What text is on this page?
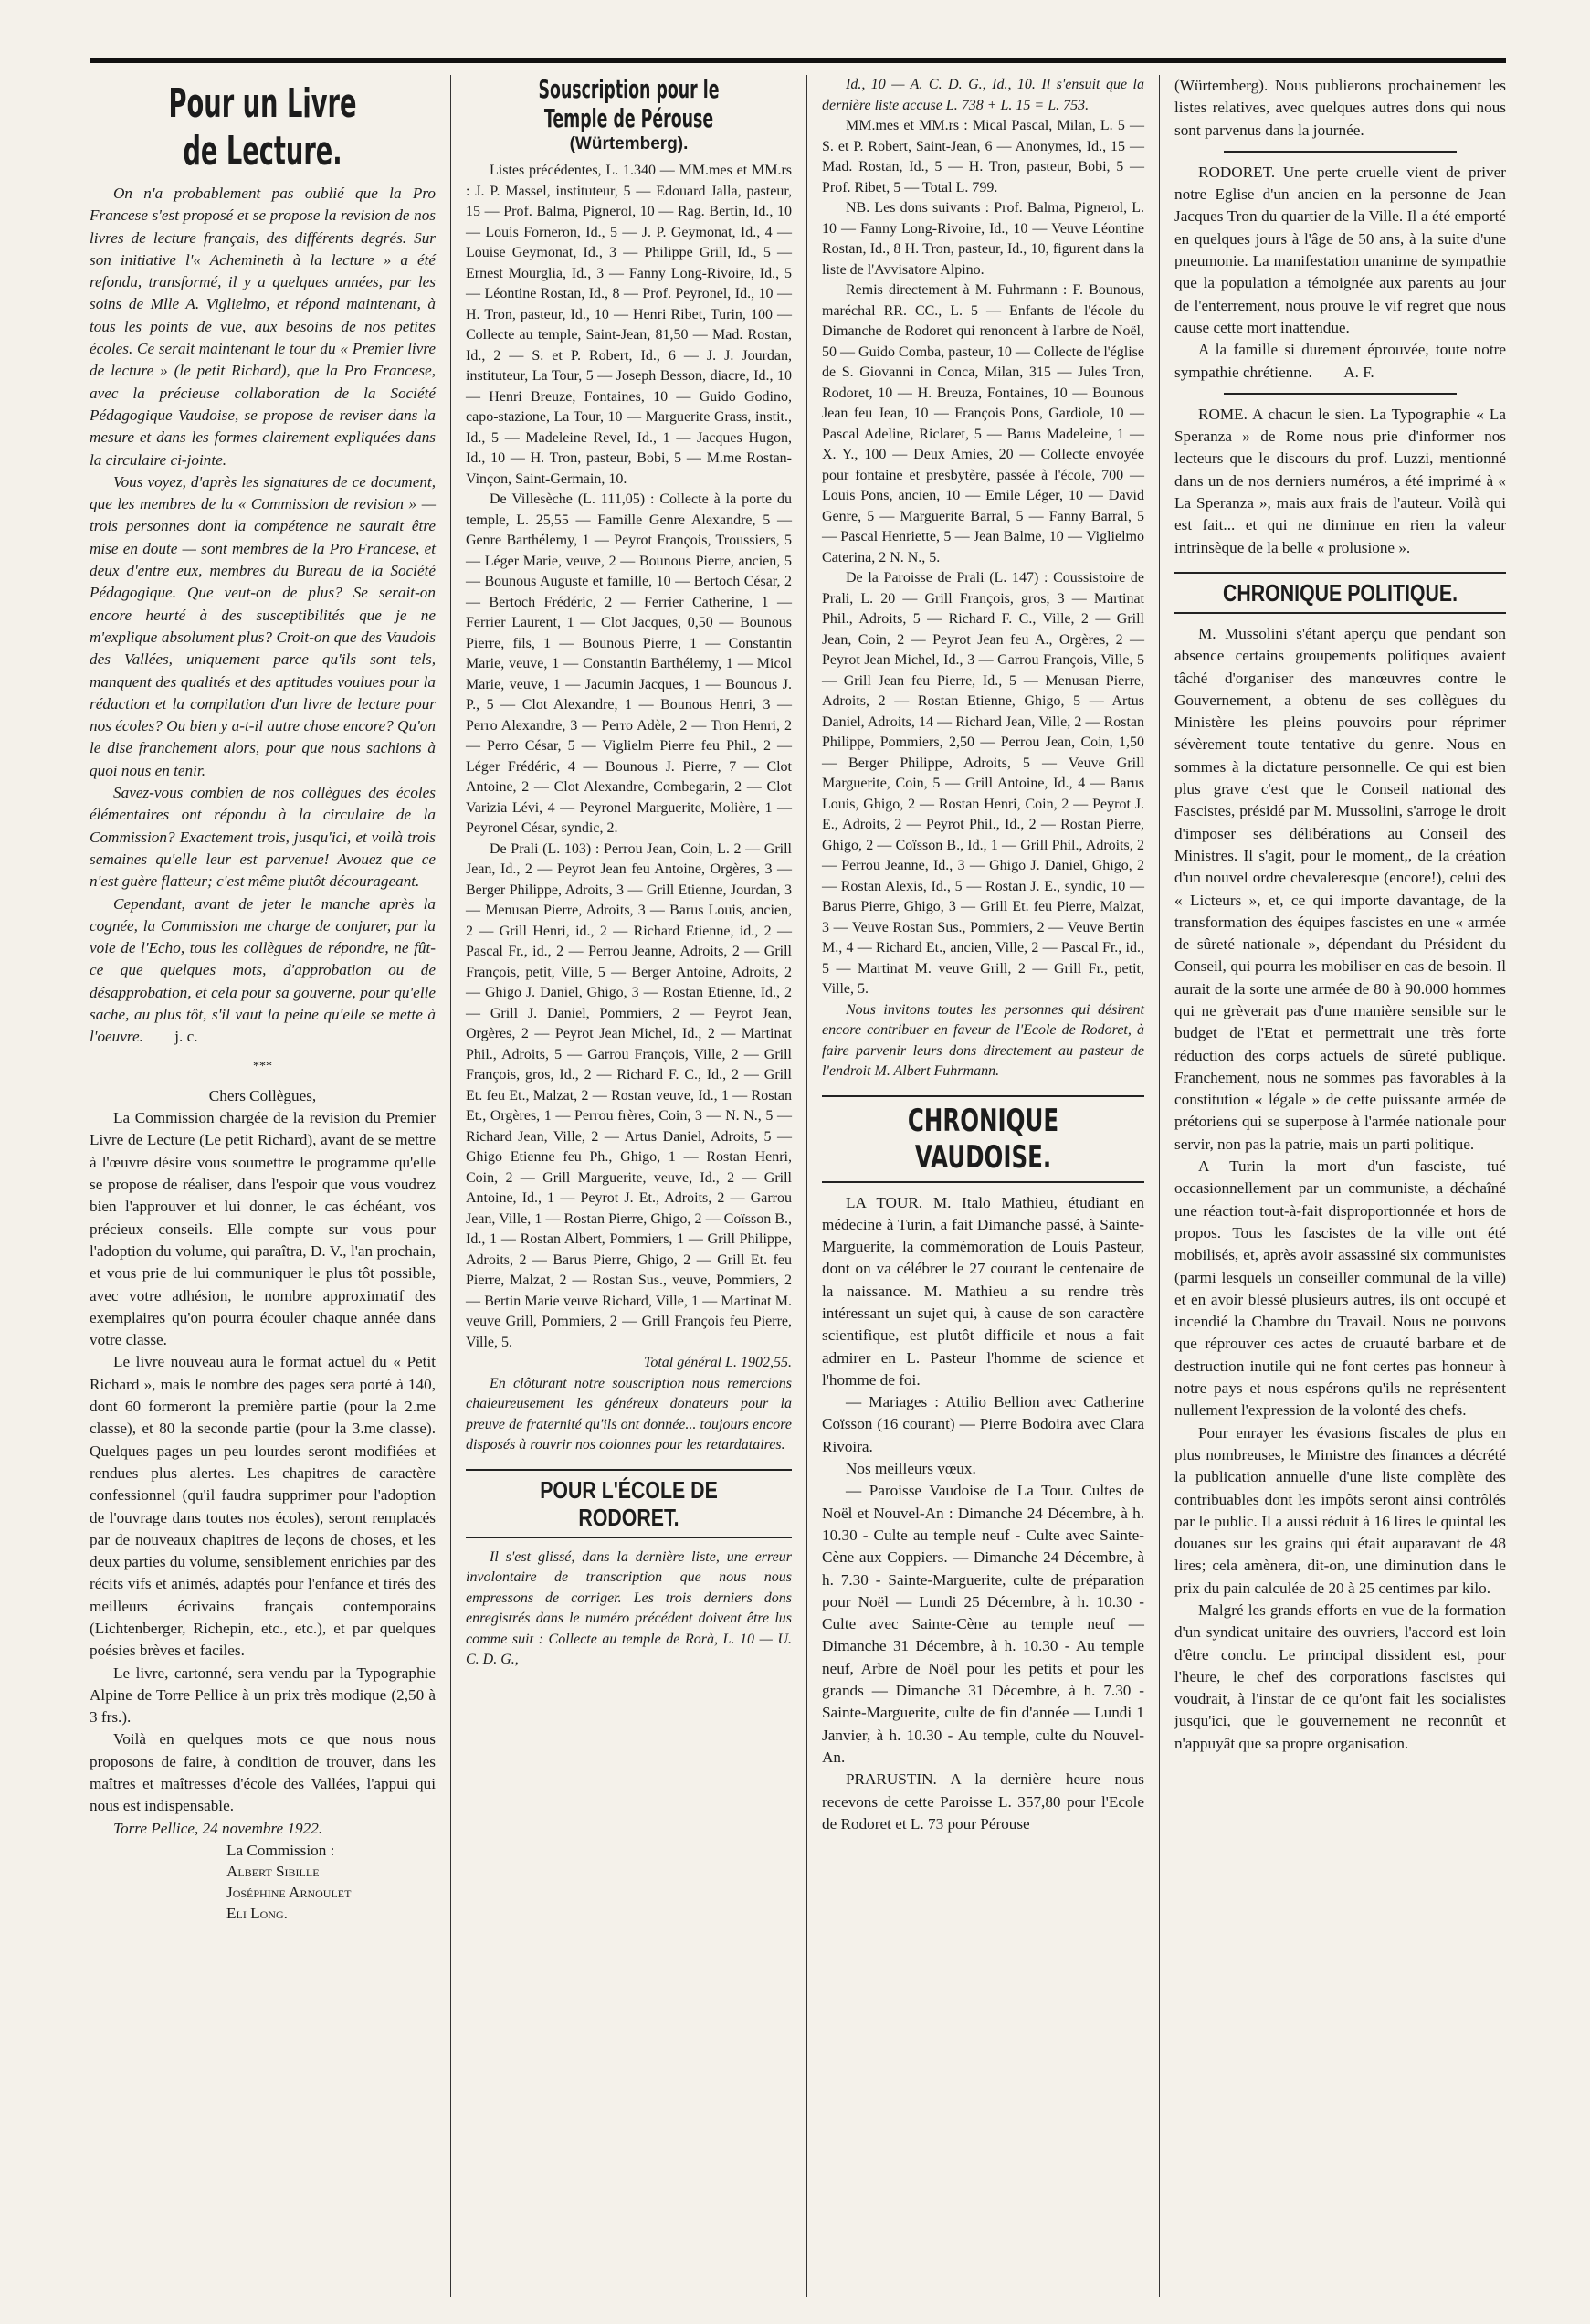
Pour un Livre de Lecture.

On n'a probablement pas oublié que la Pro Francese s'est proposé et se propose la revision de nos livres de lecture français, des différents degrés. Sur son initiative l'« Achemineth à la lecture » a été refondu, transformé, il y a quelques années, par les soins de Mlle A. Viglielmo, et répond maintenant, à tous les points de vue, aux besoins de nos petites écoles. Ce serait maintenant le tour du « Premier livre de lecture » (le petit Richard), que la Pro Francese, avec la précieuse collaboration de la Société Pédagogique Vaudoise, se propose de reviser dans la mesure et dans les formes clairement expliquées dans la circulaire ci-jointe.

Vous voyez, d'après les signatures de ce document, que les membres de la « Commission de revision » — trois personnes dont la compétence ne saurait être mise en doute — sont membres de la Pro Francese, et deux d'entre eux, membres du Bureau de la Société Pédagogique. Que veut-on de plus? Se serait-on encore heurté à des susceptibilités que je ne m'explique absolument plus? Croit-on que des Vaudois des Vallées, uniquement parce qu'ils sont tels, manquent des qualités et des aptitudes voulues pour la rédaction et la compilation d'un livre de lecture pour nos écoles? Ou bien y a-t-il autre chose encore? Qu'on le dise franchement alors, pour que nous sachions à quoi nous en tenir.

Savez-vous combien de nos collègues des écoles élémentaires ont répondu à la circulaire de la Commission? Exactement trois, jusqu'ici, et voilà trois semaines qu'elle leur est parvenue! Avouez que ce n'est guère flatteur; c'est même plutôt décourageant.

Cependant, avant de jeter le manche après la cognée, la Commission me charge de conjurer, par la voie de l'Echo, tous les collègues de répondre, ne fût-ce que quelques mots, d'approbation ou de désapprobation, et cela pour sa gouverne, pour qu'elle sache, au plus tôt, s'il vaut la peine qu'elle se mette à l'oeuvre. j. c.

***

Chers Collègues,

La Commission chargée de la revision du Premier Livre de Lecture (Le petit Richard), avant de se mettre à l'œuvre désire vous soumettre le programme qu'elle se propose de réaliser, dans l'espoir que vous voudrez bien l'approuver et lui donner, le cas échéant, vos précieux conseils. Elle compte sur vous pour l'adoption du volume, qui paraîtra, D. V., l'an prochain, et vous prie de lui communiquer le plus tôt possible, avec votre adhésion, le nombre approximatif des exemplaires qu'on pourra écouler chaque année dans votre classe.

Le livre nouveau aura le format actuel du « Petit Richard », mais le nombre des pages sera porté à 140, dont 60 formeront la première partie (pour la 2.me classe), et 80 la seconde partie (pour la 3.me classe). Quelques pages un peu lourdes seront modifiées et rendues plus alertes. Les chapitres de caractère confessionnel (qu'il faudra supprimer pour l'adoption de l'ouvrage dans toutes nos écoles), seront remplacés par de nouveaux chapitres de leçons de choses, et les deux parties du volume, sensiblement enrichies par des récits vifs et animés, adaptés pour l'enfance et tirés des meilleurs écrivains français contemporains (Lichtenberger, Richepin, etc., etc.), et par quelques poésies brèves et faciles.

Le livre, cartonné, sera vendu par la Typographie Alpine de Torre Pellice à un prix très modique (2,50 à 3 frs.).

Voilà en quelques mots ce que nous nous proposons de faire, à condition de trouver, dans les maîtres et maîtresses d'école des Vallées, l'appui qui nous est indispensable.

Torre Pellice, 24 novembre 1922.

La Commission :
Albert Sibille
Joséphine Arnoulet
Eli Long.
Souscription pour le Temple de Pérouse
(Würtemberg).

Listes précédentes, L. 1.340 — MM.mes et MM.rs : J. P. Massel, instituteur, 5 — Edouard Jalla, pasteur, 15 — Prof. Balma, Pignerol, 10 — Rag. Bertin, Id., 10 — Louis Forneron, Id., 5 — J. P. Geymonat, Id., 4 — Louise Geymonat, Id., 3 — Philippe Grill, Id., 5 — Ernest Mourglia, Id., 3 — Fanny Long-Rivoire, Id., 5 — Léontine Rostan, Id., 8 — Prof. Peyronel, Id., 10 — H. Tron, pasteur, Id., 10 — Henri Ribet, Turin, 100 — Collecte au temple, Saint-Jean, 81,50 — Mad. Rostan, Id., 2 — S. et P. Robert, Id., 6 — J. J. Jourdan, instituteur, La Tour, 5 — Joseph Besson, diacre, Id., 10 — Henri Breuze, Fontaines, 10 — Guido Godino, capo-stazione, La Tour, 10 — Marguerite Grass, instit., Id., 5 — Madeleine Revel, Id., 1 — Jacques Hugon, Id., 10 — H. Tron, pasteur, Bobi, 5 — M.me Rostan-Vinçon, Saint-Germain, 10.

De Villesèche (L. 111,05) : Collecte à la porte du temple, L. 25,55 — Famille Genre Alexandre, 5 — Genre Barthélemy, 1 — Peyrot François, Troussiers, 5 — Léger Marie, veuve, 2 — Bounous Pierre, ancien, 5 — Bounous Auguste et famille, 10 — Bertoch César, 2 — Bertoch Frédéric, 2 — Ferrier Catherine, 1 — Ferrier Laurent, 1 — Clot Jacques, 0,50 — Bounous Pierre, fils, 1 — Bounous Pierre, 1 — Constantin Marie, veuve, 1 — Constantin Barthélemy, 1 — Micol Marie, veuve, 1 — Jacumin Jacques, 1 — Bounous J. P., 5 — Clot Alexandre, 1 — Bounous Henri, 3 — Perro Alexandre, 3 — Perro Adèle, 2 — Tron Henri, 2 — Perro César, 5 — Viglielm Pierre feu Phil., 2 — Léger Frédéric, 4 — Bounous J. Pierre, 7 — Clot Antoine, 2 — Clot Alexandre, Combegarin, 2 — Clot Varizia Lévi, 4 — Peyronel Marguerite, Molière, 1 — Peyronel César, syndic, 2.

De Prali (L. 103) : Perrou Jean, Coin, L. 2 — Grill Jean, Id., 2 — Peyrot Jean feu Antoine, Orgères, 3 — Berger Philippe, Adroits, 3 — Grill Etienne, Jourdan, 3 — Menusan Pierre, Adroits, 3 — Barus Louis, ancien, 2 — Grill Henri, id., 2 — Richard Etienne, id., 2 — Pascal Fr., id., 2 — Perrou Jeanne, Adroits, 2 — Grill François, petit, Ville, 5 — Berger Antoine, Adroits, 2 — Ghigo J. Daniel, Ghigo, 3 — Rostan Etienne, Id., 2 — Grill J. Daniel, Pommiers, 2 — Peyrot Jean, Orgères, 2 — Peyrot Jean Michel, Id., 2 — Martinat Phil., Adroits, 5 — Garrou François, Ville, 2 — Grill François, gros, Id., 2 — Richard F. C., Id., 2 — Grill Et. feu Et., Malzat, 2 — Rostan veuve, Id., 1 — Rostan Et., Orgères, 1 — Perrou frères, Coin, 3 — N. N., 5 — Richard Jean, Ville, 2 — Artus Daniel, Adroits, 5 — Ghigo Etienne feu Ph., Ghigo, 1 — Rostan Henri, Coin, 2 — Grill Marguerite, veuve, Id., 2 — Grill Antoine, Id., 1 — Peyrot J. Et., Adroits, 2 — Garrou Jean, Ville, 1 — Rostan Pierre, Ghigo, 2 — Coïsson B., Id., 1 — Rostan Albert, Pommiers, 1 — Grill Philippe, Adroits, 2 — Barus Pierre, Ghigo, 2 — Grill Et. feu Pierre, Malzat, 2 — Rostan Sus., veuve, Pommiers, 2 — Bertin Marie veuve Richard, Ville, 1 — Martinat M. veuve Grill, Pommiers, 2 — Grill François feu Pierre, Ville, 5.

Total général L. 1902,55.

En clôturant notre souscription nous remercions chaleureusement les généreux donateurs pour la preuve de fraternité qu'ils ont donnée... toujours encore disposés à rouvrir nos colonnes pour les retardataires.

POUR L'ÉCOLE DE RODORET.

Il s'est glissé, dans la dernière liste, une erreur involontaire de transcription que nous nous empressons de corriger. Les trois derniers dons enregistrés dans le numéro précédent doivent être lus comme suit : Collecte au temple de Rorà, L. 10 — U. C. D. G.,

Id., 10 — A. C. D. G., Id., 10. Il s'ensuit que la dernière liste accuse L. 738 + L. 15 = L. 753.

MM.mes et MM.rs : Mical Pascal, Milan, L. 5 — S. et P. Robert, Saint-Jean, 6 — Anonymes, Id., 15 — Mad. Rostan, Id., 5 — H. Tron, pasteur, Bobi, 5 — Prof. Ribet, 5 — Total L. 799.

NB. Les dons suivants : Prof. Balma, Pignerol, L. 10 — Fanny Long-Rivoire, Id., 10 — Veuve Léontine Rostan, Id., 8 H. Tron, pasteur, Id., 10, figurent dans la liste de l'Avvisatore Alpino.

Remis directement à M. Fuhrmann : F. Bounous, maréchal RR. CC., L. 5 — Enfants de l'école du Dimanche de Rodoret qui renoncent à l'arbre de Noël, 50 — Guido Comba, pasteur, 10 — Collecte de l'église de S. Giovanni in Conca, Milan, 315 — Jules Tron, Rodoret, 10 — H. Breuza, Fontaines, 10 — Bounous Jean feu Jean, 10 — François Pons, Gardiole, 10 — Pascal Adeline, Riclaret, 5 — Barus Madeleine, 1 — X. Y., 100 — Deux Amies, 20 — Collecte envoyée pour fontaine et presbytère, passée à l'école, 700 — Louis Pons, ancien, 10 — Emile Léger, 10 — David Genre, 5 — Marguerite Barral, 5 — Fanny Barral, 5 — Pascal Henriette, 5 — Jean Balme, 10 — Viglielmo Caterina, 2 N. N., 5.

De la Paroisse de Prali (L. 147) : Coussistoire de Prali, L. 20 — Grill François, gros, 3 — Martinat Phil., Adroits, 5 — Richard F. C., Ville, 2 — Grill Jean, Coin, 2 — Peyrot Jean feu A., Orgères, 2 — Peyrot Jean Michel, Id., 3 — Garrou François, Ville, 5 — Grill Jean feu Pierre, Id., 5 — Menusan Pierre, Adroits, 2 — Rostan Etienne, Ghigo, 5 — Artus Daniel, Adroits, 14 — Richard Jean, Ville, 2 — Rostan Philippe, Pommiers, 2,50 — Perrou Jean, Coin, 1,50 — Berger Philippe, Adroits, 5 — Veuve Grill Marguerite, Coin, 5 — Grill Antoine, Id., 4 — Barus Louis, Ghigo, 2 — Rostan Henri, Coin, 2 — Peyrot J. E., Adroits, 2 — Peyrot Phil., Id., 2 — Rostan Pierre, Ghigo, 2 — Coïsson B., Id., 1 — Grill Phil., Adroits, 2 — Perrou Jeanne, Id., 3 — Ghigo J. Daniel, Ghigo, 2 — Rostan Alexis, Id., 5 — Rostan J. E., syndic, 10 — Barus Pierre, Ghigo, 3 — Grill Et. feu Pierre, Malzat, 3 — Veuve Rostan Sus., Pommiers, 2 — Veuve Bertin M., 4 — Richard Et., ancien, Ville, 2 — Pascal Fr., id., 5 — Martinat M. veuve Grill, 2 — Grill Fr., petit, Ville, 5.

Nous invitons toutes les personnes qui désirent encore contribuer en faveur de l'Ecole de Rodoret, à faire parvenir leurs dons directement au pasteur de l'endroit M. Albert Fuhrmann.

CHRONIQUE VAUDOISE.

LA TOUR. M. Italo Mathieu, étudiant en médecine à Turin, a fait Dimanche passé, à Sainte-Marguerite, la commémoration de Louis Pasteur, dont on va célébrer le 27 courant le centenaire de la naissance. M. Mathieu a su rendre très intéressant un sujet qui, à cause de son caractère scientifique, est plutôt difficile et nous a fait admirer en L. Pasteur l'homme de science et l'homme de foi.

— Mariages : Attilio Bellion avec Catherine Coïsson (16 courant) — Pierre Bodoira avec Clara Rivoira.

Nos meilleurs vœux.

— Paroisse Vaudoise de La Tour. Cultes de Noël et Nouvel-An : Dimanche 24 Décembre, à h. 10.30 - Culte au temple neuf - Culte avec Sainte-Cène aux Coppiers. — Dimanche 24 Décembre, à h. 7.30 - Sainte-Marguerite, culte de préparation pour Noël — Lundi 25 Décembre, à h. 10.30 - Culte avec Sainte-Cène au temple neuf — Dimanche 31 Décembre, à h. 10.30 - Au temple neuf, Arbre de Noël pour les petits et pour les grands — Dimanche 31 Décembre, à h. 7.30 - Sainte-Marguerite, culte de fin d'année — Lundi 1 Janvier, à h. 10.30 - Au temple, culte du Nouvel-An.

PRARUSTIN. A la dernière heure nous recevons de cette Paroisse L. 357,80 pour l'Ecole de Rodoret et L. 73 pour Pérouse

(Würtemberg). Nous publierons prochainement les listes relatives, avec quelques autres dons qui nous sont parvenus dans la journée.

RODORET. Une perte cruelle vient de priver notre Eglise d'un ancien en la personne de Jean Jacques Tron du quartier de la Ville. Il a été emporté en quelques jours à l'âge de 50 ans, à la suite d'une pneumonie. La manifestation unanime de sympathie que la population a témoignée aux parents au jour de l'enterrement, nous prouve le vif regret que nous cause cette mort inattendue.

A la famille si durement éprouvée, toute notre sympathie chrétienne. A. F.

ROME. A chacun le sien. La Typographie « La Speranza » de Rome nous prie d'informer nos lecteurs que le discours du prof. Luzzi, mentionné dans un de nos derniers numéros, a été imprimé à « La Speranza », mais aux frais de l'auteur. Voilà qui est fait... et qui ne diminue en rien la valeur intrinsèque de la belle « prolusione ».

CHRONIQUE POLITIQUE.

M. Mussolini s'étant aperçu que pendant son absence certains groupements politiques avaient tâché d'organiser des manœuvres contre le Gouvernement, a obtenu de ses collègues du Ministère les pleins pouvoirs pour réprimer sévèrement toute tentative du genre. Nous en sommes à la dictature personnelle. Ce qui est bien plus grave c'est que le Conseil national des Fascistes, présidé par M. Mussolini, s'arroge le droit d'imposer ses délibérations au Conseil des Ministres. Il s'agit, pour le moment,, de la création d'un nouvel ordre chevaleresque (encore!), celui des « Licteurs », et, ce qui importe davantage, de la transformation des équipes fascistes en une « armée de sûreté nationale », dépendant du Président du Conseil, qui pourra les mobiliser en cas de besoin. Il aurait de la sorte une armée de 80 à 90.000 hommes qui ne grèverait pas d'une manière sensible sur le budget de l'Etat et permettrait une très forte réduction des corps actuels de sûreté publique. Franchement, nous ne sommes pas favorables à la constitution « légale » de cette puissante armée de prétoriens qui se superpose à l'armée nationale pour servir, non pas la patrie, mais un parti politique.

A Turin la mort d'un fasciste, tué occasionnellement par un communiste, a déchaîné une réaction tout-à-fait disproportionnée et hors de propos. Tous les fascistes de la ville ont été mobilisés, et, après avoir assassiné six communistes (parmi lesquels un conseiller communal de la ville) et en avoir blessé plusieurs autres, ils ont occupé et incendié la Chambre du Travail. Nous ne pouvons que réprouver ces actes de cruauté barbare et de destruction inutile qui ne font certes pas honneur à notre pays et nous espérons qu'ils ne représentent nullement l'expression de la volonté des chefs.

Pour enrayer les évasions fiscales de plus en plus nombreuses, le Ministre des finances a décrété la publication annuelle d'une liste complète des contribuables dont les impôts seront ainsi contrôlés par le public. Il a aussi réduit à 16 lires le quintal les douanes sur les grains qui était auparavant de 48 lires; cela amènera, dit-on, une diminution dans le prix du pain calculée de 20 à 25 centimes par kilo.

Malgré les grands efforts en vue de la formation d'un syndicat unitaire des ouvriers, l'accord est loin d'être conclu. Le principal dissident est, pour l'heure, le chef des corporations fascistes qui voudrait, à l'instar de ce qu'ont fait les socialistes jusqu'ici, que le gouvernement ne reconnût et n'appuyât que sa propre organisation.
